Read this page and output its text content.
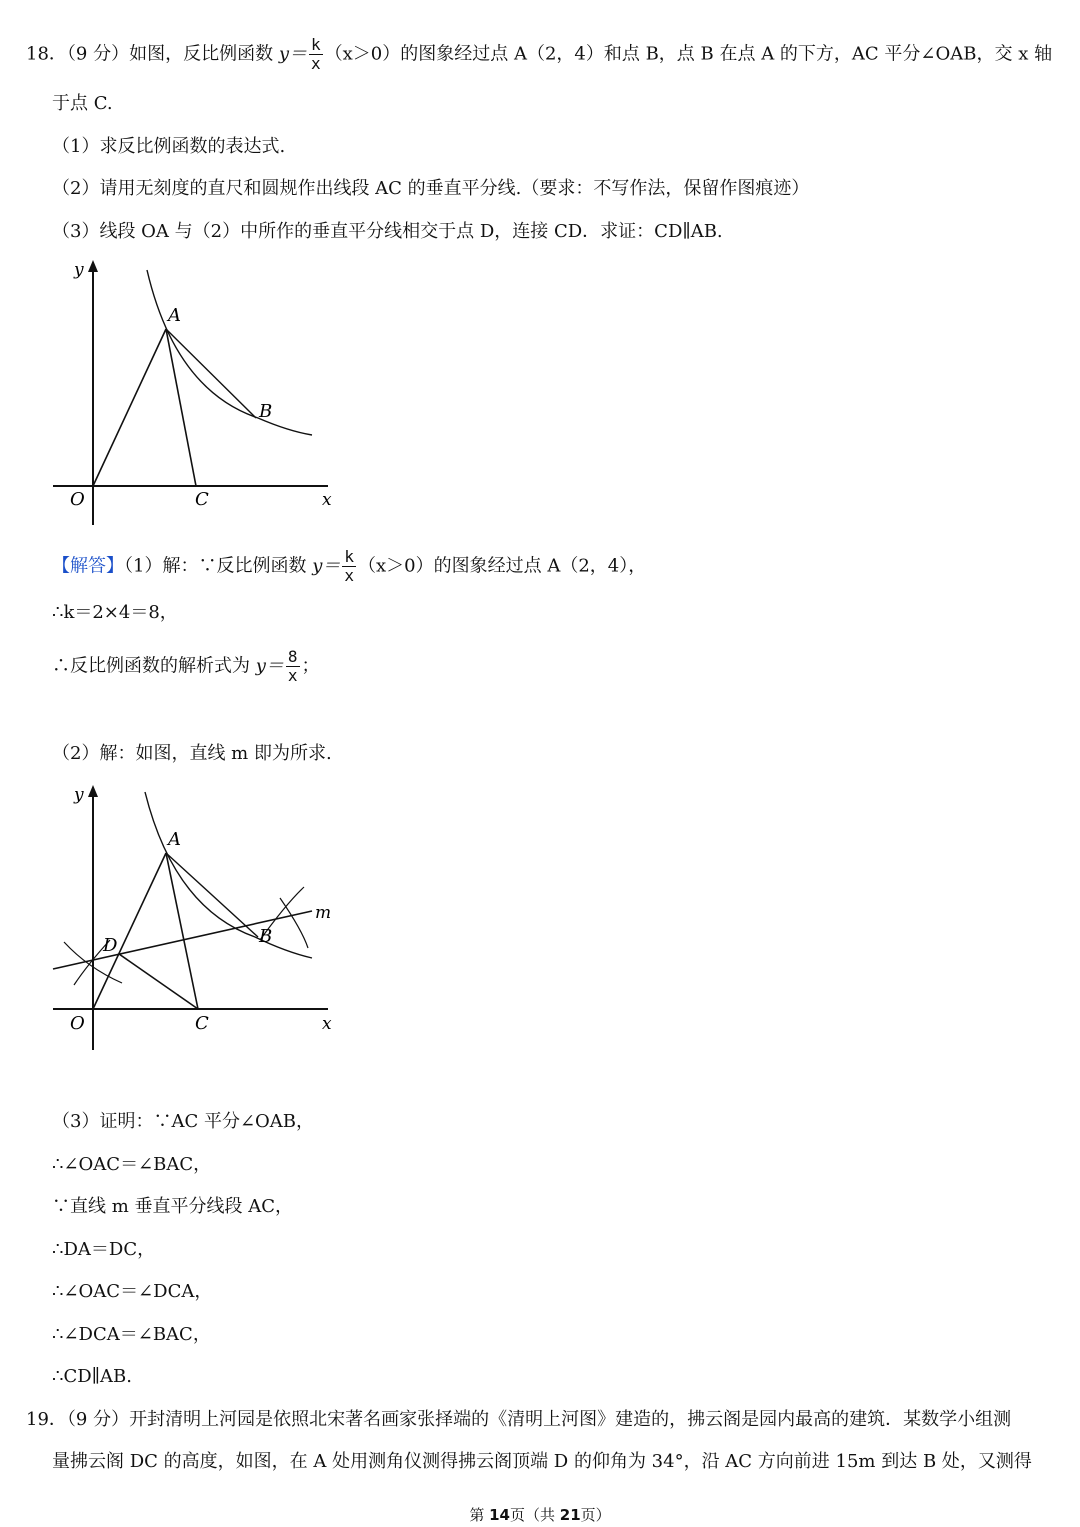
18．（9 分）如图，反比例函数 $y= \frac{k}{x} (x>0)$的图象经过点 A（2，4）和点 B，点 B 在点 A 的下方，AC 平分∠OAB，交 x 轴
于点 C.
（1）求反比例函数的表达式.
（2）请用无刻度的直尺和圆规作出线段 AC 的垂直平分线.（要求：不写作法，保留作图痕迹）
（3）线段 OA 与（2）中所作的垂直平分线相交于点 D，连接 CD．求证：CD∥AB.
y
A
B
O	C	x
【解答】（1）解：∵反比例函数 $y= \frac{k}{x} (x>0)$的图象经过点 A（2，4），
∴k＝2×4＝8，
∴反比例函数的解析式为 $y= \frac{8}{x}$ ；
（2）解：如图，直线 m 即为所求.
y
A
B
D
m
O	C	x
（3）证明：∵AC 平分∠OAB，
∴∠OAC＝∠BAC，
∵直线 m 垂直平分线段 AC，
∴DA＝DC，
∴∠OAC＝∠DCA，
∴∠DCA＝∠BAC，
∴CD∥AB.
19．（9 分）开封清明上河园是依照北宋著名画家张择端的《清明上河图》建造的，拂云阁是园内最高的建筑．某数学小组测
量拂云阁 DC 的高度，如图，在 A 处用测角仪测得拂云阁顶端 D 的仰角为 34°，沿 AC 方向前进 15m 到达 B 处，又测得
第 14页（共 21页）
